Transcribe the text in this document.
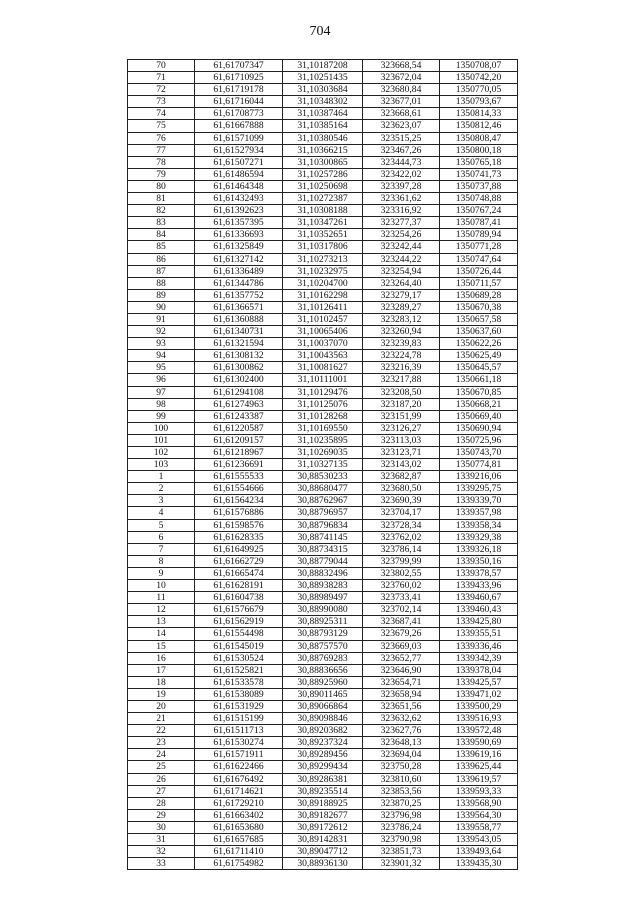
704
70	61,61707347	31,10187208	323668,54	1350708,07
71	61,61710925	31,10251435	323672,04	1350742,20
72	61,61719178	31,10303684	323680,84	1350770,05
73	61,61716044	31,10348302	323677,01	1350793,67
74	61,61708773	31,10387464	323668,61	1350814,33
75	61,61667888	31,10385164	323623,07	1350812,46
76	61,61571099	31,10380546	323515,25	1350808,47
77	61,61527934	31,10366215	323467,26	1350800,18
78	61,61507271	31,10300865	323444,73	1350765,18
79	61,61486594	31,10257286	323422,02	1350741,73
80	61,61464348	31,10250698	323397,28	1350737,88
81	61,61432493	31,10272387	323361,62	1350748,88
82	61,61392623	31,10308188	323316,92	1350767,24
83	61,61357395	31,10347261	323277,37	1350787,41
84	61,61336693	31,10352651	323254,26	1350789,94
85	61,61325849	31,10317806	323242,44	1350771,28
86	61,61327142	31,10273213	323244,22	1350747,64
87	61,61336489	31,10232975	323254,94	1350726,44
88	61,61344786	31,10204700	323264,40	1350711,57
89	61,61357752	31,10162298	323279,17	1350689,28
90	61,61366571	31,10126411	323289,27	1350670,38
91	61,61360888	31,10102457	323283,12	1350657,58
92	61,61340731	31,10065406	323260,94	1350637,60
93	61,61321594	31,10037070	323239,83	1350622,26
94	61,61308132	31,10043563	323224,78	1350625,49
95	61,61300862	31,10081627	323216,39	1350645,57
96	61,61302400	31,10111001	323217,88	1350661,18
97	61,61294108	31,10129476	323208,50	1350670,85
98	61,61274963	31,10125076	323187,20	1350668,21
99	61,61243387	31,10128268	323151,99	1350669,40
100	61,61220587	31,10169550	323126,27	1350690,94
101	61,61209157	31,10235895	323113,03	1350725,96
102	61,61218967	31,10269035	323123,71	1350743,70
103	61,61236691	31,10327135	323143,02	1350774,81
1	61,61555533	30,88530233	323682,87	1339216,06
2	61,61554666	30,88680477	323680,50	1339295,75
3	61,61564234	30,88762967	323690,39	1339339,70
4	61,61576886	30,88796957	323704,17	1339357,98
5	61,61598576	30,88796834	323728,34	1339358,34
6	61,61628335	30,88741145	323762,02	1339329,38
7	61,61649925	30,88734315	323786,14	1339326,18
8	61,61662729	30,88779044	323799,99	1339350,16
9	61,61665474	30,88832496	323802,55	1339378,57
10	61,61628191	30,88938283	323760,02	1339433,96
11	61,61604738	30,88989497	323733,41	1339460,67
12	61,61576679	30,88990080	323702,14	1339460,43
13	61,61562919	30,88925311	323687,41	1339425,80
14	61,61554498	30,88793129	323679,26	1339355,51
15	61,61545019	30,88757570	323669,03	1339336,46
16	61,61530524	30,88769283	323652,77	1339342,39
17	61,61525821	30,88836656	323646,90	1339378,04
18	61,61533578	30,88925960	323654,71	1339425,57
19	61,61538089	30,89011465	323658,94	1339471,02
20	61,61531929	30,89066864	323651,56	1339500,29
21	61,61515199	30,89098846	323632,62	1339516,93
22	61,61511713	30,89203682	323627,76	1339572,48
23	61,61530274	30,89237324	323648,13	1339590,69
24	61,61571911	30,89289456	323694,04	1339619,16
25	61,61622466	30,89299434	323750,28	1339625,44
26	61,61676492	30,89286381	323810,60	1339619,57
27	61,61714621	30,89235514	323853,56	1339593,33
28	61,61729210	30,89188925	323870,25	1339568,90
29	61,61663402	30,89182677	323796,98	1339564,30
30	61,61653680	30,89172612	323786,24	1339558,77
31	61,61657685	30,89142831	323790,98	1339543,05
32	61,61711410	30,89047712	323851,73	1339493,64
33	61,61754982	30,88936130	323901,32	1339435,30
